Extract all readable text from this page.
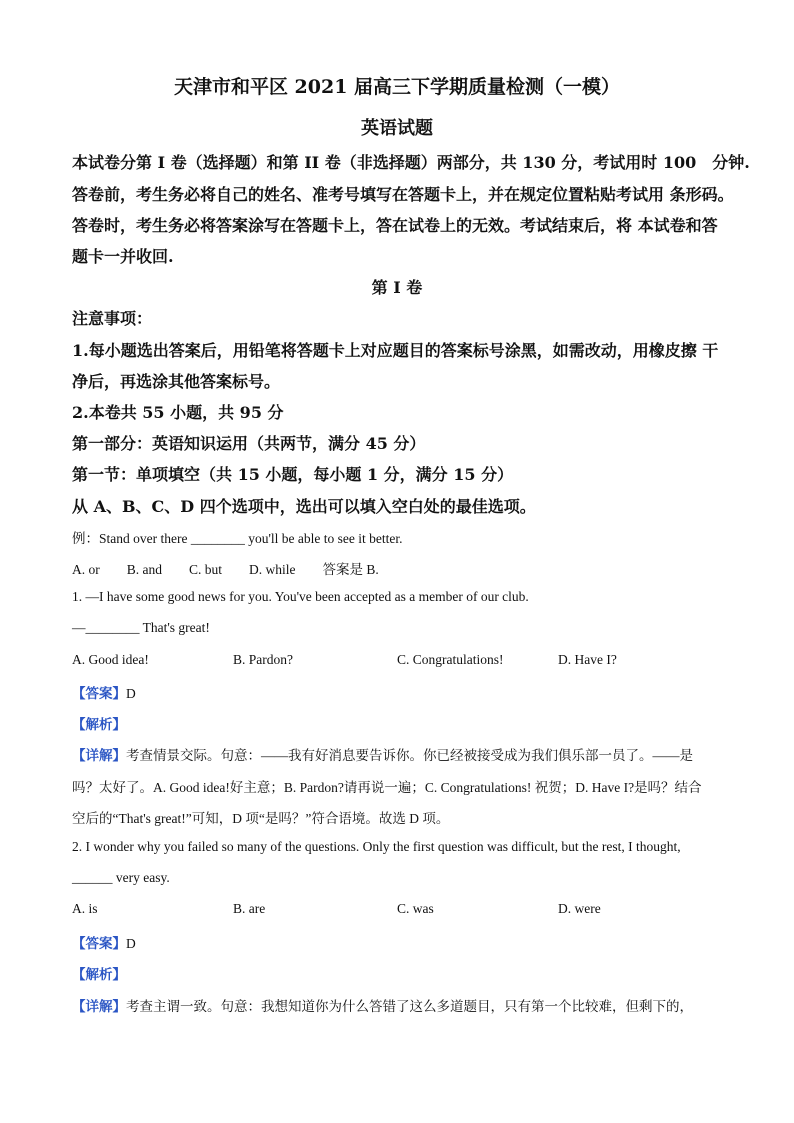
天津市和平区 2021 届高三下学期质量检测（一模）
英语试题
本试卷分第 I 卷（选择题）和第 II 卷（非选择题）两部分，共 130 分，考试用时 100　分钟.
答卷前，考生务必将自己的姓名、准考号填写在答题卡上，并在规定位置粘贴考试用 条形码。
答卷时，考生务必将答案涂写在答题卡上，答在试卷上的无效。考试结束后，将 本试卷和答
题卡一并收回.
第 I 卷
注意事项：
1.每小题选出答案后，用铅笔将答题卡上对应题目的答案标号涂黑，如需改动，用橡皮擦 干
净后，再选涂其他答案标号。
2.本卷共 55 小题，共 95 分
第一部分：英语知识运用（共两节，满分 45 分）
第一节：单项填空（共 15 小题，每小题 1 分，满分 15 分）
从 A、B、C、D 四个选项中，选出可以填入空白处的最佳选项。
例：Stand over there ________ you'll be able to see it better.
A. or　　B. and　　C. but　　D. while　　答案是 B.
1. —I have some good news for you. You've been accepted as a member of our club.
—________ That's great!
A. Good idea!	B. Pardon?	C. Congratulations!	D. Have I?
【答案】D
【解析】
【详解】考查情景交际。句意：——我有好消息要告诉你。你已经被接受成为我们俱乐部一员了。——是
吗？太好了。A. Good idea!好主意；B. Pardon?请再说一遍；C. Congratulations! 祝贺；D. Have I?是吗？结合
空后的“That's great!”可知，D 项“是吗？”符合语境。故选 D 项。
2. I wonder why you failed so many of the questions. Only the first question was difficult, but the rest, I thought,
______ very easy.
A. is	B. are	C. was	D. were
【答案】D
【解析】
【详解】考查主谓一致。句意：我想知道你为什么答错了这么多道题目，只有第一个比较难，但剩下的，
